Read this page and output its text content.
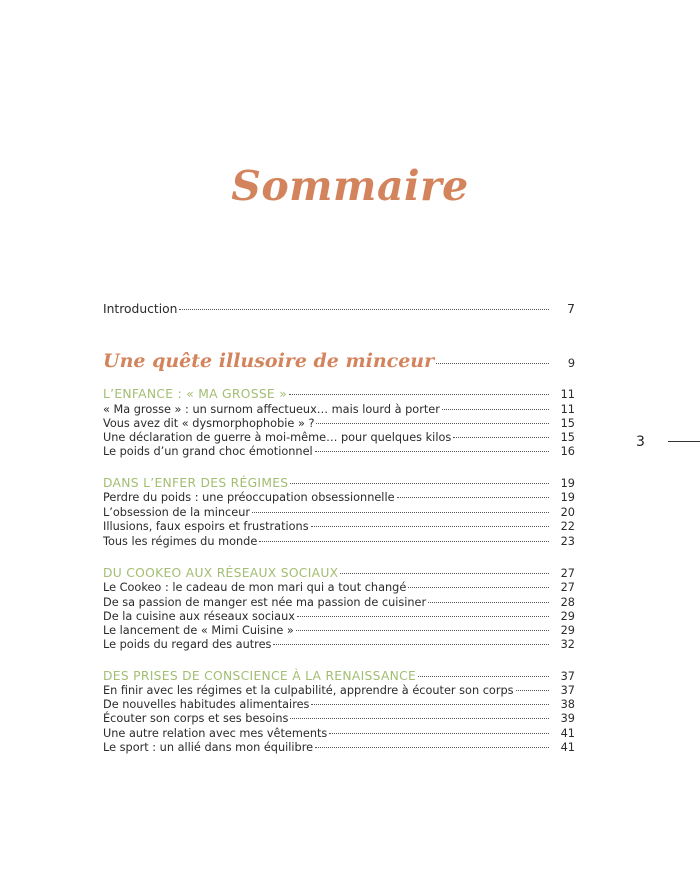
Sommaire
Introduction	7
Une quête illusoire de minceur	9
L’ENFANCE : « MA GROSSE »	11
« Ma grosse » : un surnom affectueux… mais lourd à porter	11
Vous avez dit « dysmorphophobie » ?	15
Une déclaration de guerre à moi-même… pour quelques kilos	15
Le poids d’un grand choc émotionnel	16
DANS L’ENFER DES RÉGIMES	19
Perdre du poids : une préoccupation obsessionnelle	19
L’obsession de la minceur	20
Illusions, faux espoirs et frustrations	22
Tous les régimes du monde	23
DU COOKEO AUX RÉSEAUX SOCIAUX	27
Le Cookeo : le cadeau de mon mari qui a tout changé	27
De sa passion de manger est née ma passion de cuisiner	28
De la cuisine aux réseaux sociaux	29
Le lancement de « Mimi Cuisine »	29
Le poids du regard des autres	32
DES PRISES DE CONSCIENCE À LA RENAISSANCE	37
En finir avec les régimes et la culpabilité, apprendre à écouter son corps	37
De nouvelles habitudes alimentaires	38
Écouter son corps et ses besoins	39
Une autre relation avec mes vêtements	41
Le sport : un allié dans mon équilibre	41
3
